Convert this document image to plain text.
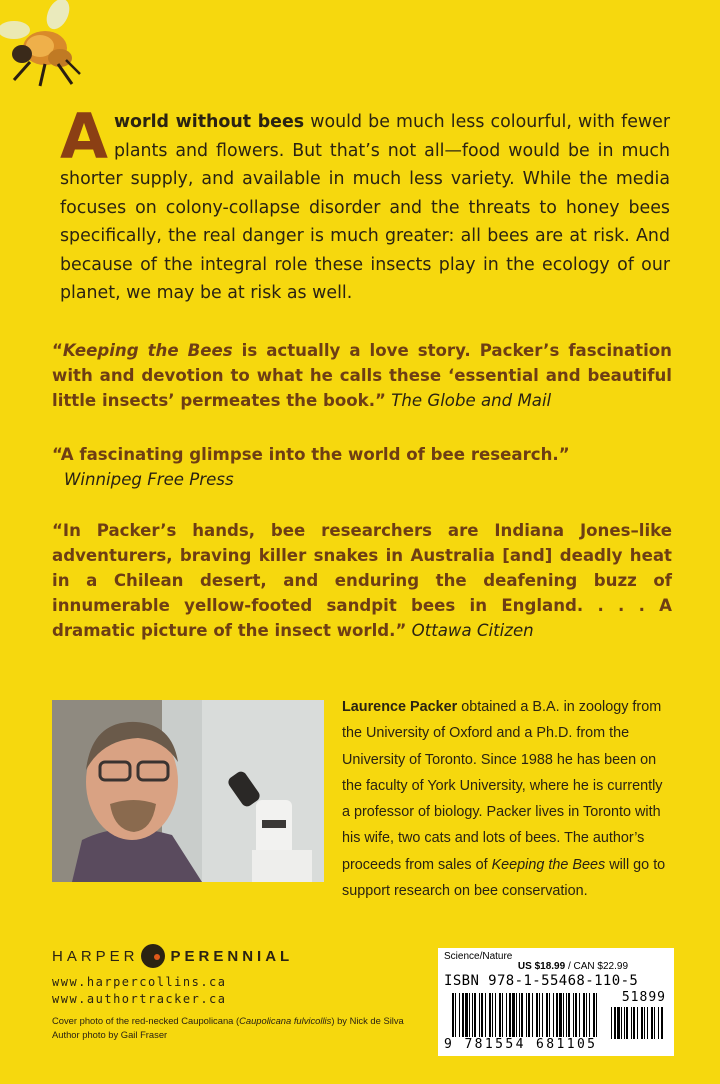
Aworld without bees would be much less colourful, with fewer plants and flowers. But that’s not all—food would be in much shorter supply, and available in much less variety. While the media focuses on colony-collapse disorder and the threats to honey bees specifically, the real danger is much greater: all bees are at risk. And because of the integral role these insects play in the ecology of our planet, we may be at risk as well.
“Keeping the Bees is actually a love story. Packer’s fascination with and devotion to what he calls these ‘essential and beautiful little insects’ permeates the book.” The Globe and Mail
“A fascinating glimpse into the world of bee research.”
Winnipeg Free Press
“In Packer’s hands, bee researchers are Indiana Jones–like adventurers, braving killer snakes in Australia [and] deadly heat in a Chilean desert, and enduring the deafening buzz of innumerable yellow-footed sandpit bees in England. . . . A dramatic picture of the insect world.” Ottawa Citizen
Laurence Packer obtained a B.A. in zoology from the University of Oxford and a Ph.D. from the University of Toronto. Since 1988 he has been on the faculty of York University, where he is currently a professor of biology. Packer lives in Toronto with his wife, two cats and lots of bees. The author’s proceeds from sales of Keeping the Bees will go to support research on bee conservation.
HARPER PERENNIAL
www.harpercollins.ca
www.authortracker.ca
Cover photo of the red-necked Caupolicana (Caupolicana fulvicollis) by Nick de Silva
Author photo by Gail Fraser
Science/Nature
US $18.99 / CAN $22.99
ISBN 978-1-55468-110-5
51899
9 781554 681105
